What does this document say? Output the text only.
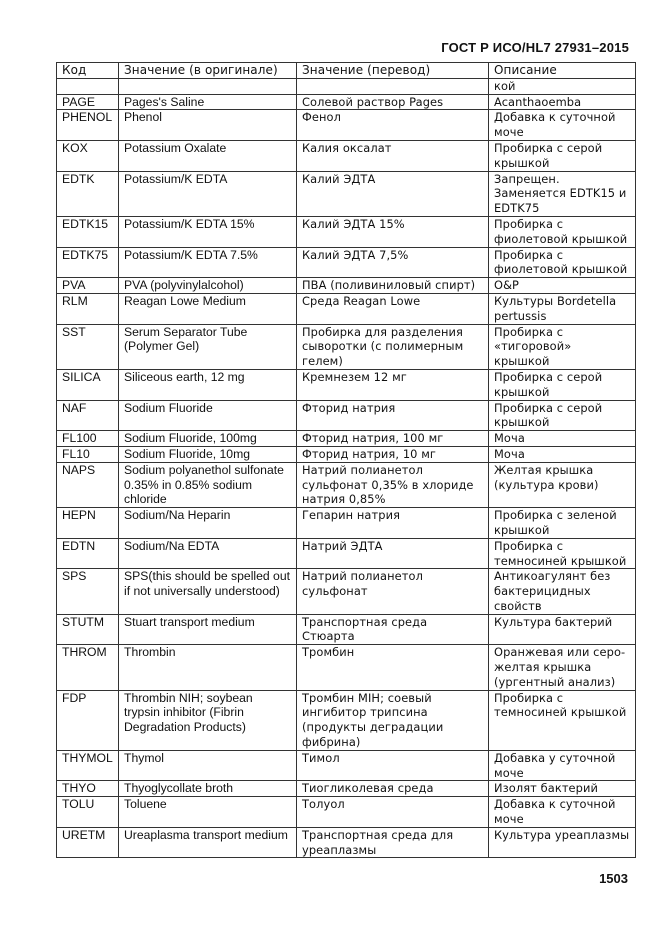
ГОСТ Р ИСО/HL7 27931–2015
Код	Значение (в оригинале)	Значение (перевод)	Описание
			кой
PAGE	Pages's Saline	Солевой раствор Pages	Acanthaoemba
PHENOL	Phenol	Фенол	Добавка к суточной моче
KOX	Potassium Oxalate	Калия оксалат	Пробирка с серой крышкой
EDTK	Potassium/K EDTA	Калий ЭДТА	Запрещен. Заменяется EDTK15 и EDTK75
EDTK15	Potassium/K EDTA 15%	Калий ЭДТА 15%	Пробирка с фиолетовой крышкой
EDTK75	Potassium/K EDTA 7.5%	Калий ЭДТА 7,5%	Пробирка с фиолетовой крышкой
PVA	PVA (polyvinylalcohol)	ПВА (поливиниловый спирт)	O&P
RLM	Reagan Lowe Medium	Среда Reagan Lowe	Культуры Bordetella pertussis
SST	Serum Separator Tube (Polymer Gel)	Пробирка для разделения сыворотки (с полимерным гелем)	Пробирка с «тигоровой» крышкой
SILICA	Siliceous earth, 12 mg	Кремнезем 12 мг	Пробирка с серой крышкой
NAF	Sodium Fluoride	Фторид натрия	Пробирка с серой крышкой
FL100	Sodium Fluoride, 100mg	Фторид натрия, 100 мг	Моча
FL10	Sodium Fluoride, 10mg	Фторид натрия, 10 мг	Моча
NAPS	Sodium polyanethol sulfonate 0.35% in 0.85% sodium chloride	Натрий полианетол сульфонат 0,35% в хлориде натрия 0,85%	Желтая крышка (культура крови)
HEPN	Sodium/Na Heparin	Гепарин натрия	Пробирка с зеленой крышкой
EDTN	Sodium/Na EDTA	Натрий ЭДТА	Пробирка с темносиней крышкой
SPS	SPS(this should be spelled out if not universally understood)	Натрий полианетол сульфонат	Антикоагулянт без бактерицидных свойств
STUTM	Stuart transport medium	Транспортная среда Стюарта	Культура бактерий
THROM	Thrombin	Тромбин	Оранжевая или серо-желтая крышка (ургентный анализ)
FDP	Thrombin NIH; soybean trypsin inhibitor (Fibrin Degradation Products)	Тромбин MIH; соевый ингибитор трипсина (продукты деградации фибрина)	Пробирка с темносиней крышкой
THYMOL	Thymol	Тимол	Добавка у суточной моче
THYO	Thyoglycollate broth	Тиогликолевая среда	Изолят бактерий
TOLU	Toluene	Толуол	Добавка к суточной моче
URETM	Ureaplasma transport medium	Транспортная среда для уреаплазмы	Культура уреаплазмы
1503
